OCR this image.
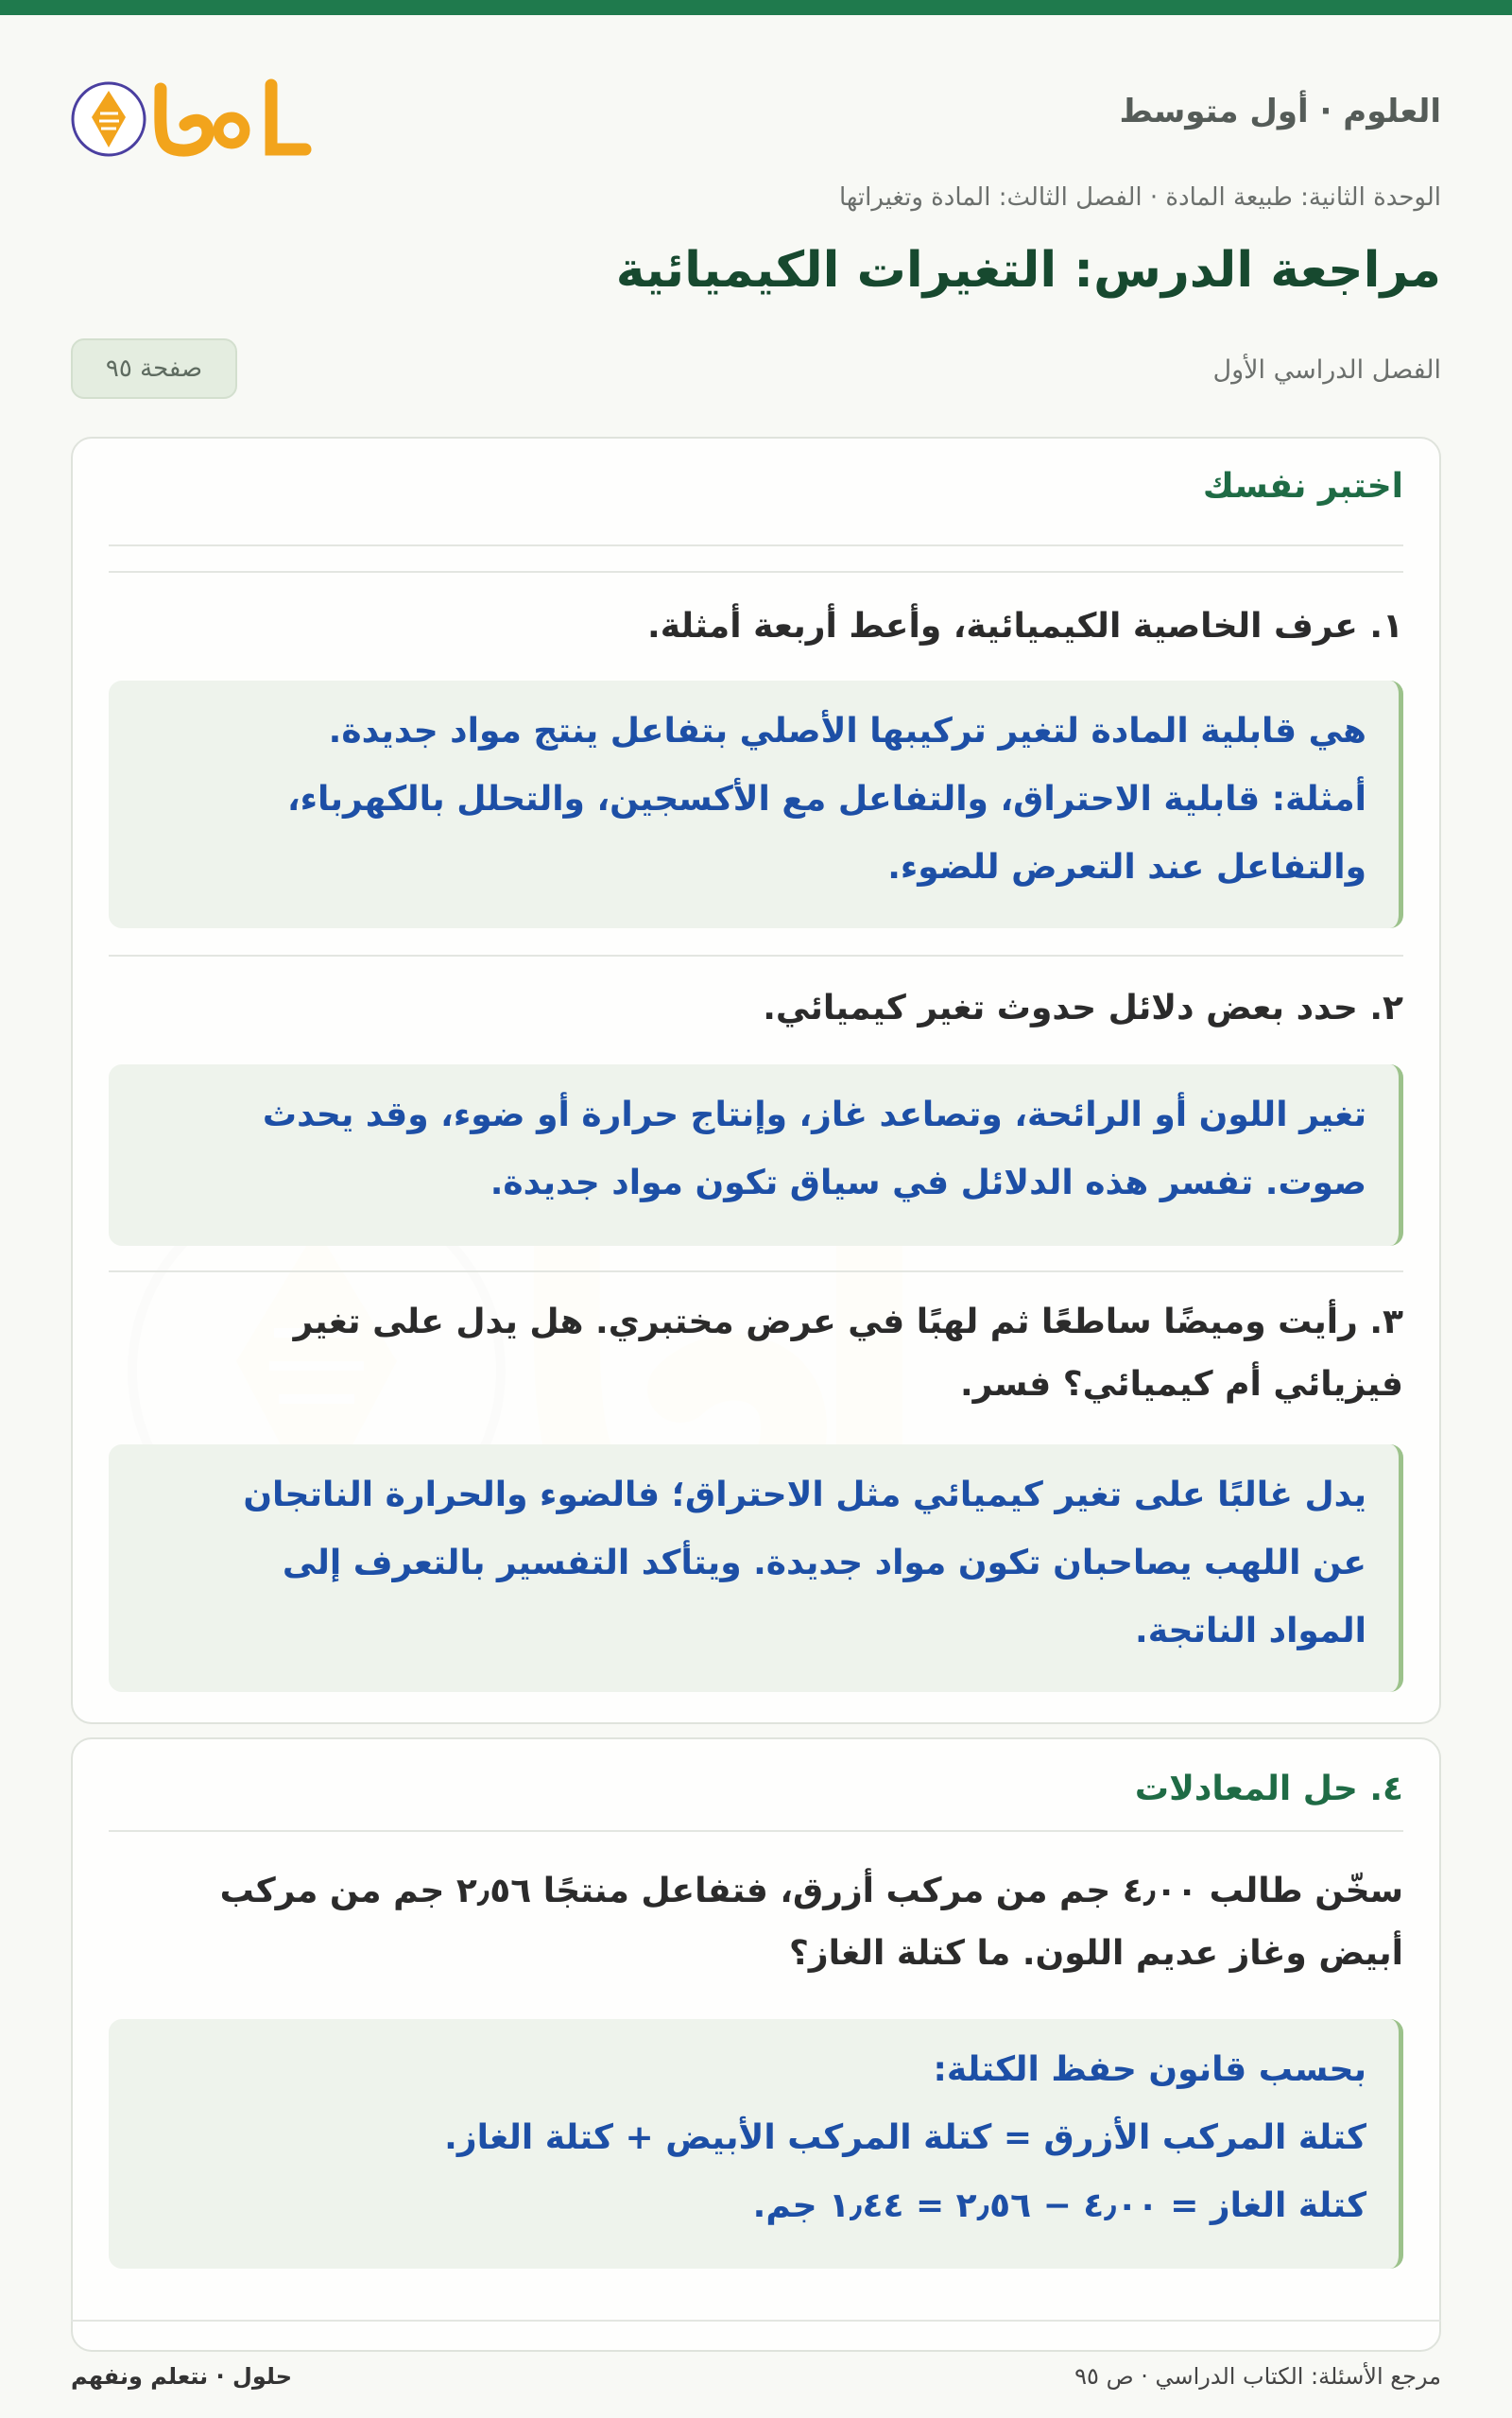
العلوم · أول متوسط
حلول
الوحدة الثانية: طبيعة المادة · الفصل الثالث: المادة وتغيراتها
مراجعة الدرس: التغيرات الكيميائية
الفصل الدراسي الأول
صفحة ٩٥
اختبر نفسك
١. عرف الخاصية الكيميائية، وأعط أربعة أمثلة.

هي قابلية المادة لتغير تركيبها الأصلي بتفاعل ينتج مواد جديدة.

أمثلة: قابلية الاحتراق، والتفاعل مع الأكسجين، والتحلل بالكهرباء،

والتفاعل عند التعرض للضوء.

٢. حدد بعض دلائل حدوث تغير كيميائي.

تغير اللون أو الرائحة، وتصاعد غاز، وإنتاج حرارة أو ضوء، وقد يحدث

صوت. تفسر هذه الدلائل في سياق تكون مواد جديدة.

٣. رأيت وميضًا ساطعًا ثم لهبًا في عرض مختبري. هل يدل على تغير
فيزيائي أم كيميائي؟ فسر.

يدل غالبًا على تغير كيميائي مثل الاحتراق؛ فالضوء والحرارة الناتجان

عن اللهب يصاحبان تكون مواد جديدة. ويتأكد التفسير بالتعرف إلى

المواد الناتجة.

٤. حل المعادلات
سخّن طالب ٤٫٠٠ جم من مركب أزرق، فتفاعل منتجًا ٢٫٥٦ جم من مركب
أبيض وغاز عديم اللون. ما كتلة الغاز؟

بحسب قانون حفظ الكتلة:

كتلة المركب الأزرق = كتلة المركب الأبيض + كتلة الغاز.

كتلة الغاز = ٤٫٠٠ − ٢٫٥٦ = ١٫٤٤ جم.

مرجع الأسئلة: الكتاب الدراسي · ص ٩٥
حلول · نتعلم ونفهم
